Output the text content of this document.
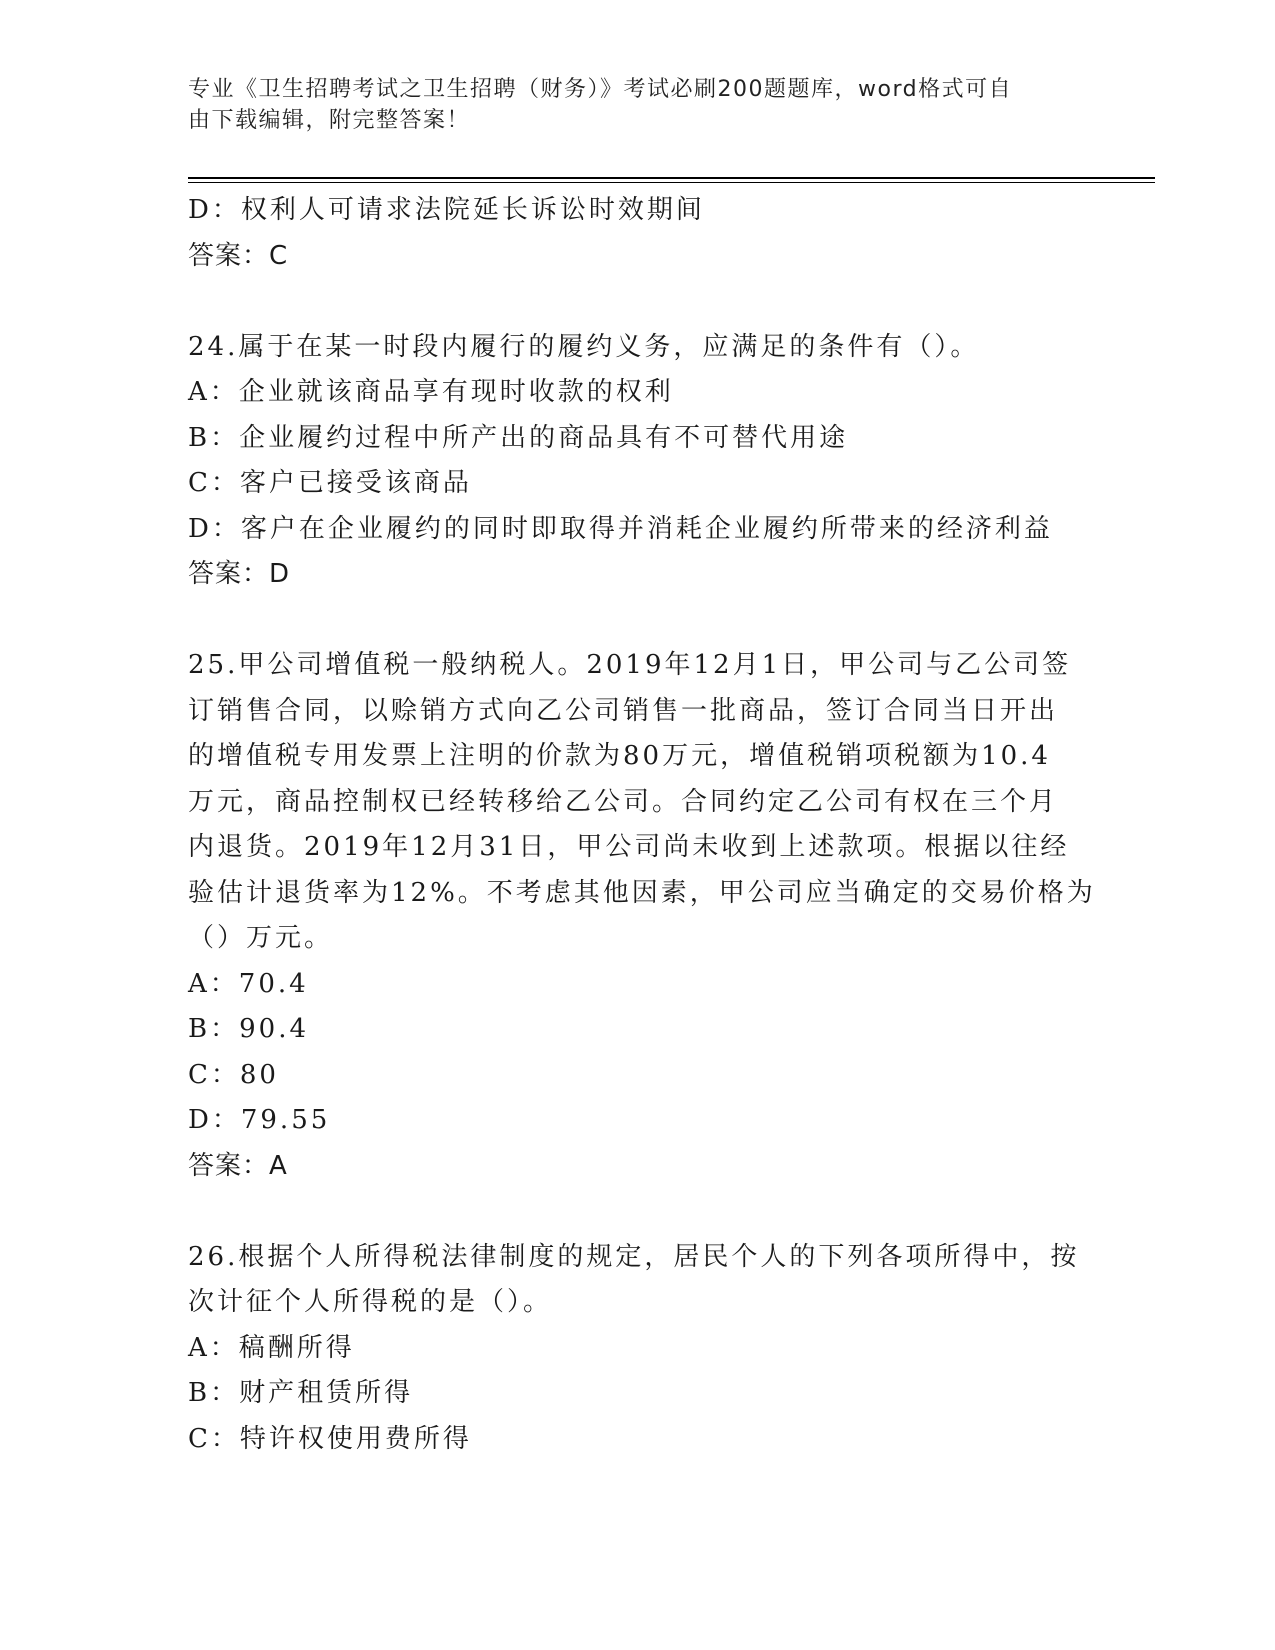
专业《卫生招聘考试之卫生招聘（财务）》考试必刷200题题库，word格式可自
由下载编辑，附完整答案！
D：权利人可请求法院延长诉讼时效期间
答案：C
24.属于在某一时段内履行的履约义务，应满足的条件有（）。
A：企业就该商品享有现时收款的权利
B：企业履约过程中所产出的商品具有不可替代用途
C：客户已接受该商品
D：客户在企业履约的同时即取得并消耗企业履约所带来的经济利益
答案：D
25.甲公司增值税一般纳税人。2019年12月1日，甲公司与乙公司签
订销售合同，以赊销方式向乙公司销售一批商品，签订合同当日开出
的增值税专用发票上注明的价款为80万元，增值税销项税额为10.4
万元，商品控制权已经转移给乙公司。合同约定乙公司有权在三个月
内退货。2019年12月31日，甲公司尚未收到上述款项。根据以往经
验估计退货率为12%。不考虑其他因素，甲公司应当确定的交易价格为
（）万元。
A：70.4
B：90.4
C：80
D：79.55
答案：A
26.根据个人所得税法律制度的规定，居民个人的下列各项所得中，按
次计征个人所得税的是（）。
A：稿酬所得
B：财产租赁所得
C：特许权使用费所得
